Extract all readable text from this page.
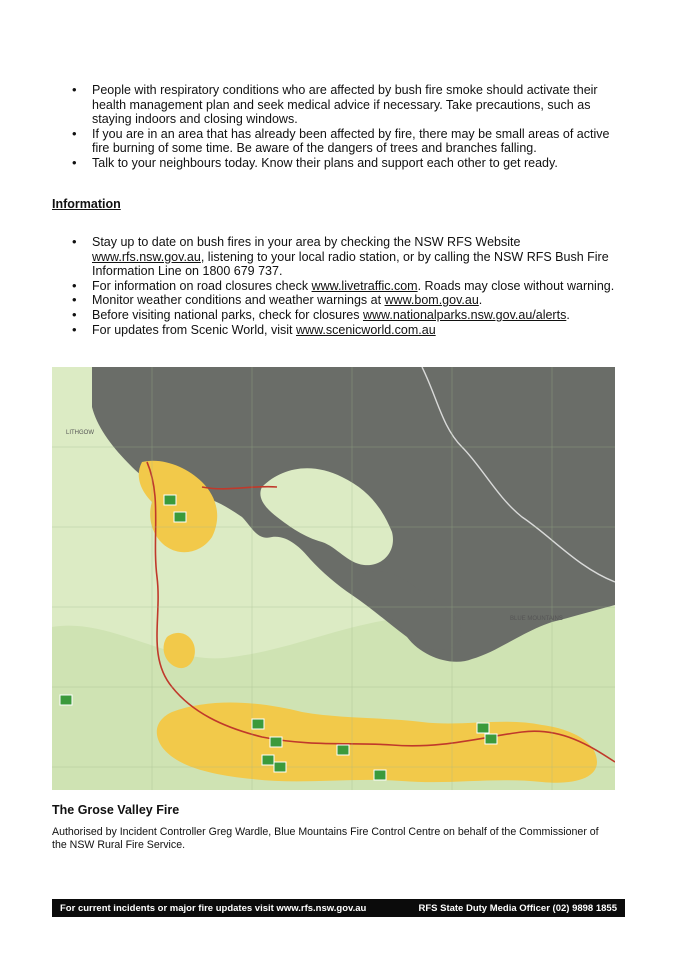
• People with respiratory conditions who are affected by bush fire smoke should activate their health management plan and seek medical advice if necessary. Take precautions, such as staying indoors and closing windows.
• If you are in an area that has already been affected by fire, there may be small areas of active fire burning of some time. Be aware of the dangers of trees and branches falling.
• Talk to your neighbours today. Know their plans and support each other to get ready.
Information
• Stay up to date on bush fires in your area by checking the NSW RFS Website www.rfs.nsw.gov.au, listening to your local radio station, or by calling the NSW RFS Bush Fire Information Line on 1800 679 737.
• For information on road closures check www.livetraffic.com. Roads may close without warning.
• Monitor weather conditions and weather warnings at www.bom.gov.au.
• Before visiting national parks, check for closures www.nationalparks.nsw.gov.au/alerts.
• For updates from Scenic World, visit www.scenicworld.com.au
LITHGOW
BLUE MOUNTAINS
The Grose Valley Fire
Authorised by Incident Controller Greg Wardle, Blue Mountains Fire Control Centre on behalf of the Commissioner of the NSW Rural Fire Service.
For current incidents or major fire updates visit www.rfs.nsw.gov.au	RFS State Duty Media Officer (02) 9898 1855
